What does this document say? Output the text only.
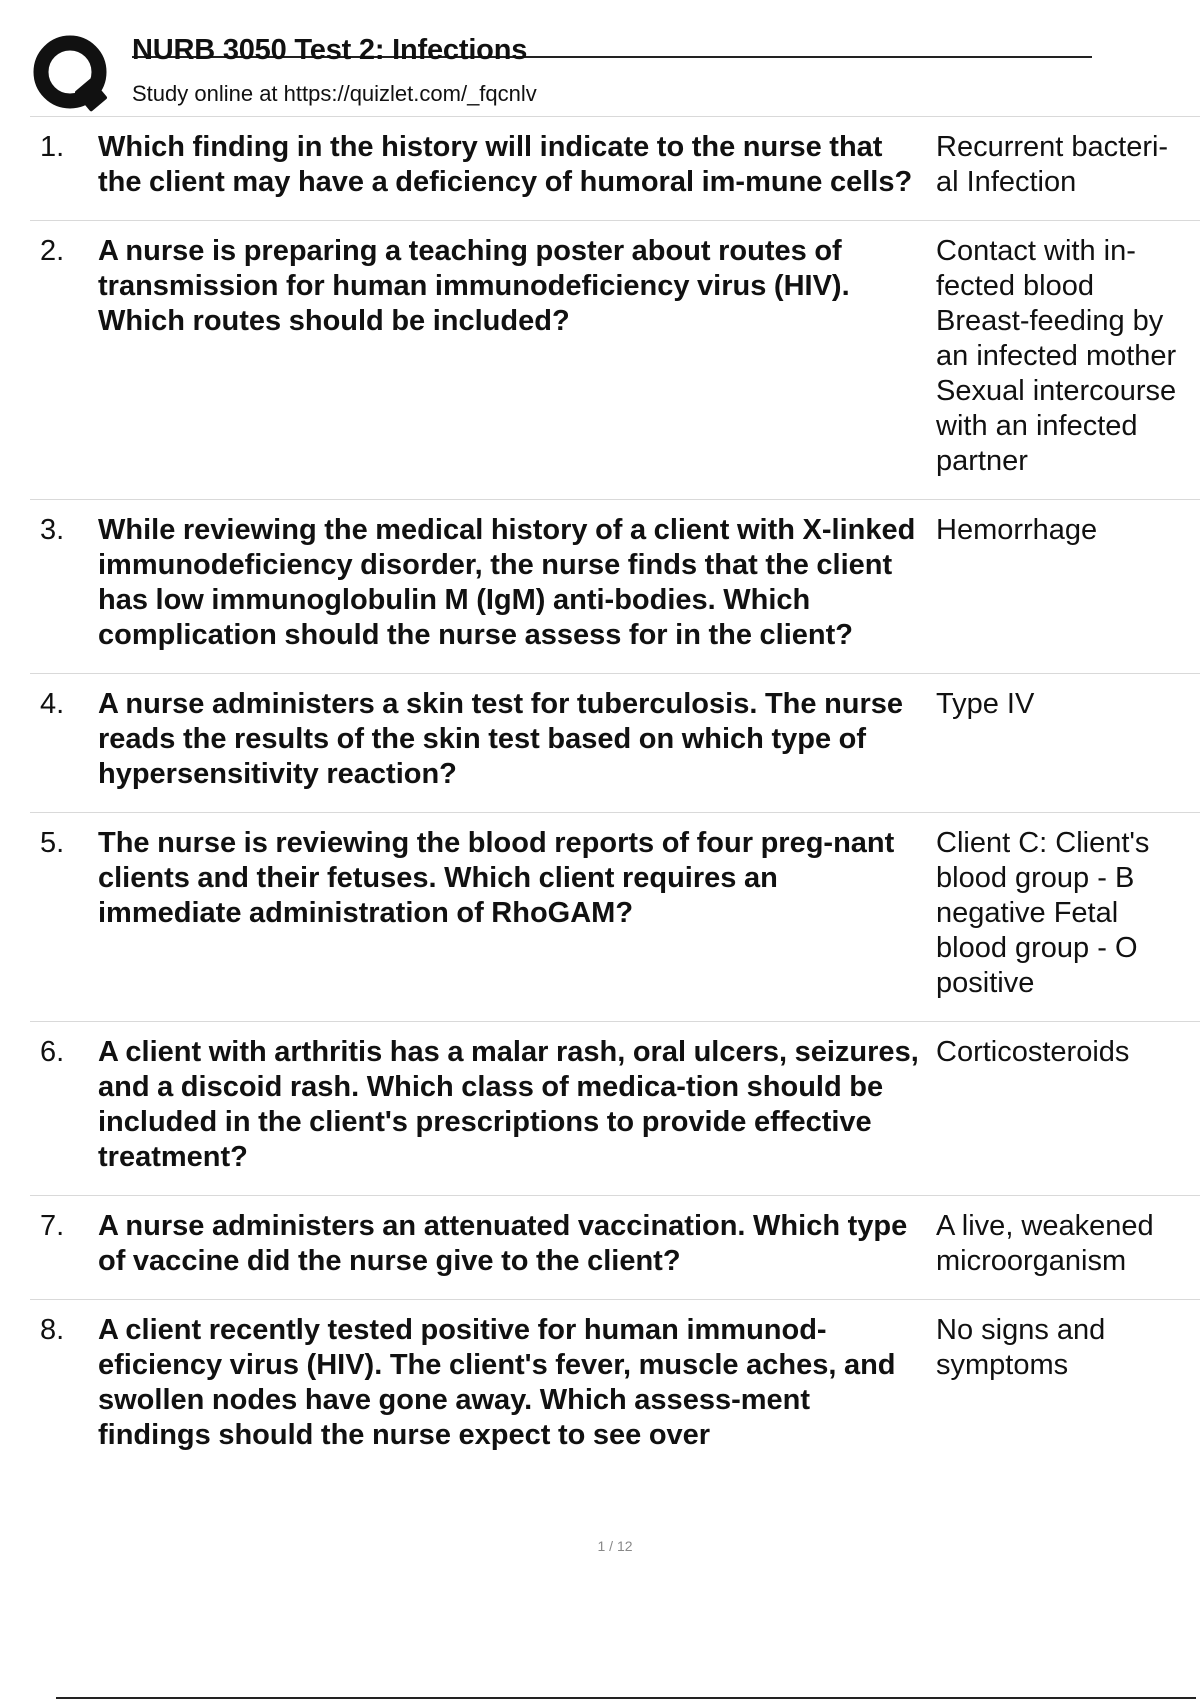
NURB 3050 Test 2: Infections
Study online at https://quizlet.com/_fqcnlv
1.	Which finding in the history will indicate to the nurse that the client may have a deficiency of humoral im-mune cells?
Recurrent bacteri-al Infection
2.	A nurse is preparing a teaching poster about routes of transmission for human immunodeficiency virus (HIV). Which routes should be included?
Contact with in-fected blood Breast-feeding by an infected mother Sexual intercourse with an infected partner
3.	While reviewing the medical history of a client with X-linked immunodeficiency disorder, the nurse finds that the client has low immunoglobulin M (IgM) anti-bodies. Which complication should the nurse assess for in the client?
Hemorrhage
4.	A nurse administers a skin test for tuberculosis. The nurse reads the results of the skin test based on which type of hypersensitivity reaction?
Type IV
5.	The nurse is reviewing the blood reports of four preg-nant clients and their fetuses. Which client requires an immediate administration of RhoGAM?
Client C: Client's blood group - B negative Fetal blood group - O positive
6.	A client with arthritis has a malar rash, oral ulcers, seizures, and a discoid rash. Which class of medica-tion should be included in the client's prescriptions to provide effective treatment?
Corticosteroids
7.	A nurse administers an attenuated vaccination. Which type of vaccine did the nurse give to the client?
A live, weakened microorganism
8.	A client recently tested positive for human immunod-eficiency virus (HIV). The client's fever, muscle aches, and swollen nodes have gone away. Which assess-ment findings should the nurse expect to see over
No signs and symptoms
1 / 12
